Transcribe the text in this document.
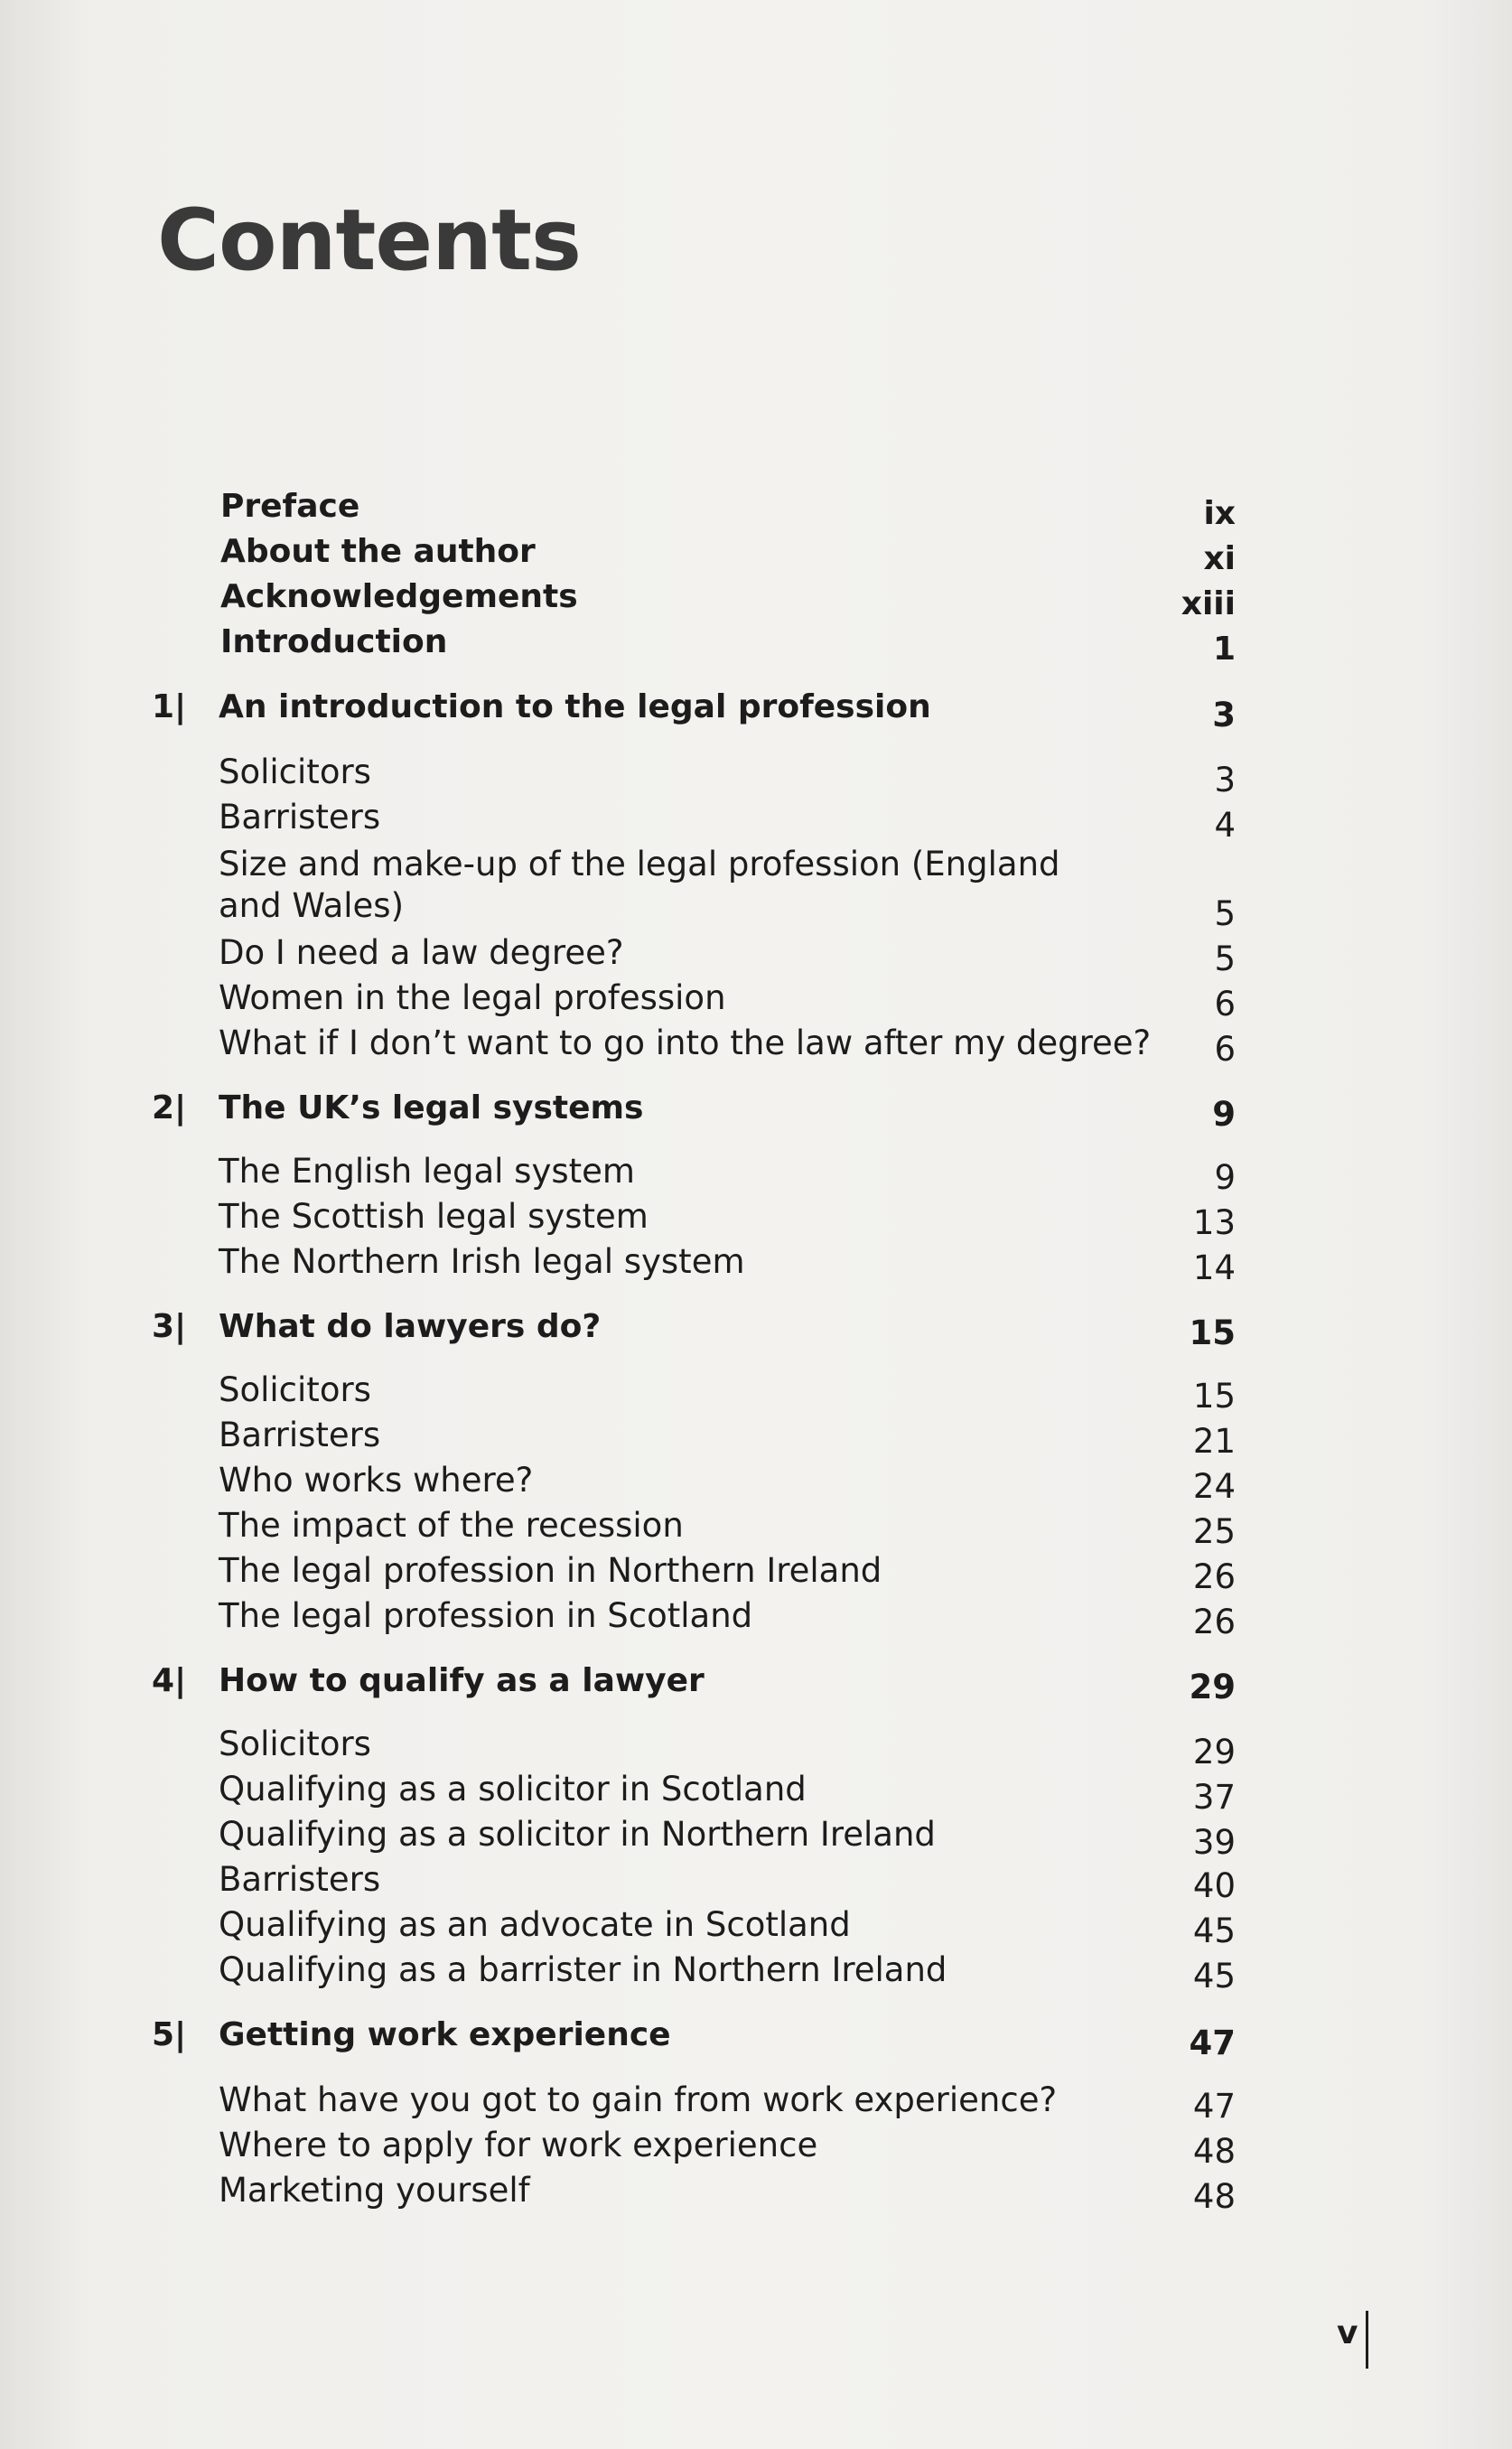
Contents
Preface	ix
About the author	xi
Acknowledgements	xiii
Introduction	1
1| An introduction to the legal profession	3
Solicitors	3
Barristers	4
Size and make-up of the legal profession (England
and Wales)	5
Do I need a law degree?	5
Women in the legal profession	6
What if I don’t want to go into the law after my degree? 6
2| The UK’s legal systems	9
The English legal system	9
The Scottish legal system	13
The Northern Irish legal system	14
3| What do lawyers do?	15
Solicitors	15
Barristers	21
Who works where?	24
The impact of the recession	25
The legal profession in Northern Ireland	26
The legal profession in Scotland	26
4| How to qualify as a lawyer	29
Solicitors	29
Qualifying as a solicitor in Scotland	37
Qualifying as a solicitor in Northern Ireland	39
Barristers	40
Qualifying as an advocate in Scotland	45
Qualifying as a barrister in Northern Ireland	45
5| Getting work experience	47
What have you got to gain from work experience?	47
Where to apply for work experience	48
Marketing yourself	48
v
